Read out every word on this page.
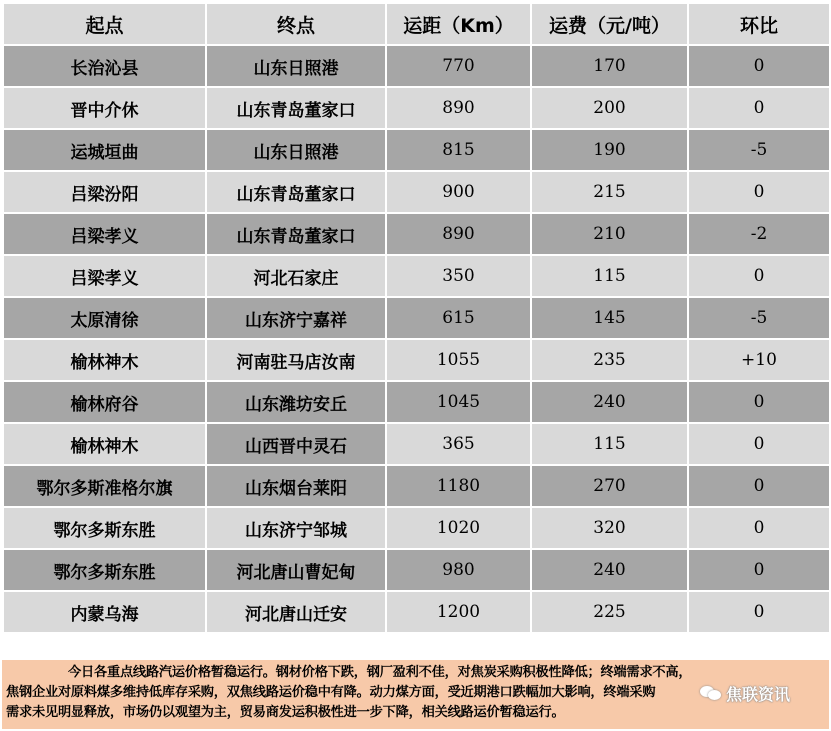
起点	终点	运距（Km）	运费（元/吨）	环比
长治沁县	山东日照港	770	170	0
晋中介休	山东青岛董家口	890	200	0
运城垣曲	山东日照港	815	190	-5
吕梁汾阳	山东青岛董家口	900	215	0
吕梁孝义	山东青岛董家口	890	210	-2
吕梁孝义	河北石家庄	350	115	0
太原清徐	山东济宁嘉祥	615	145	-5
榆林神木	河南驻马店汝南	1055	235	+10
榆林府谷	山东潍坊安丘	1045	240	0
榆林神木	山西晋中灵石	365	115	0
鄂尔多斯准格尔旗	山东烟台莱阳	1180	270	0
鄂尔多斯东胜	山东济宁邹城	1020	320	0
鄂尔多斯东胜	河北唐山曹妃甸	980	240	0
内蒙乌海	河北唐山迁安	1200	225	0
今日各重点线路汽运价格暂稳运行。钢材价格下跌，钢厂盈利不佳，对焦炭采购积极性降低；终端需求不高，
焦钢企业对原料煤多维持低库存采购，双焦线路运价稳中有降。动力煤方面，受近期港口跌幅加大影响，终端采购
需求未见明显释放，市场仍以观望为主，贸易商发运积极性进一步下降，相关线路运价暂稳运行。
焦联资讯
